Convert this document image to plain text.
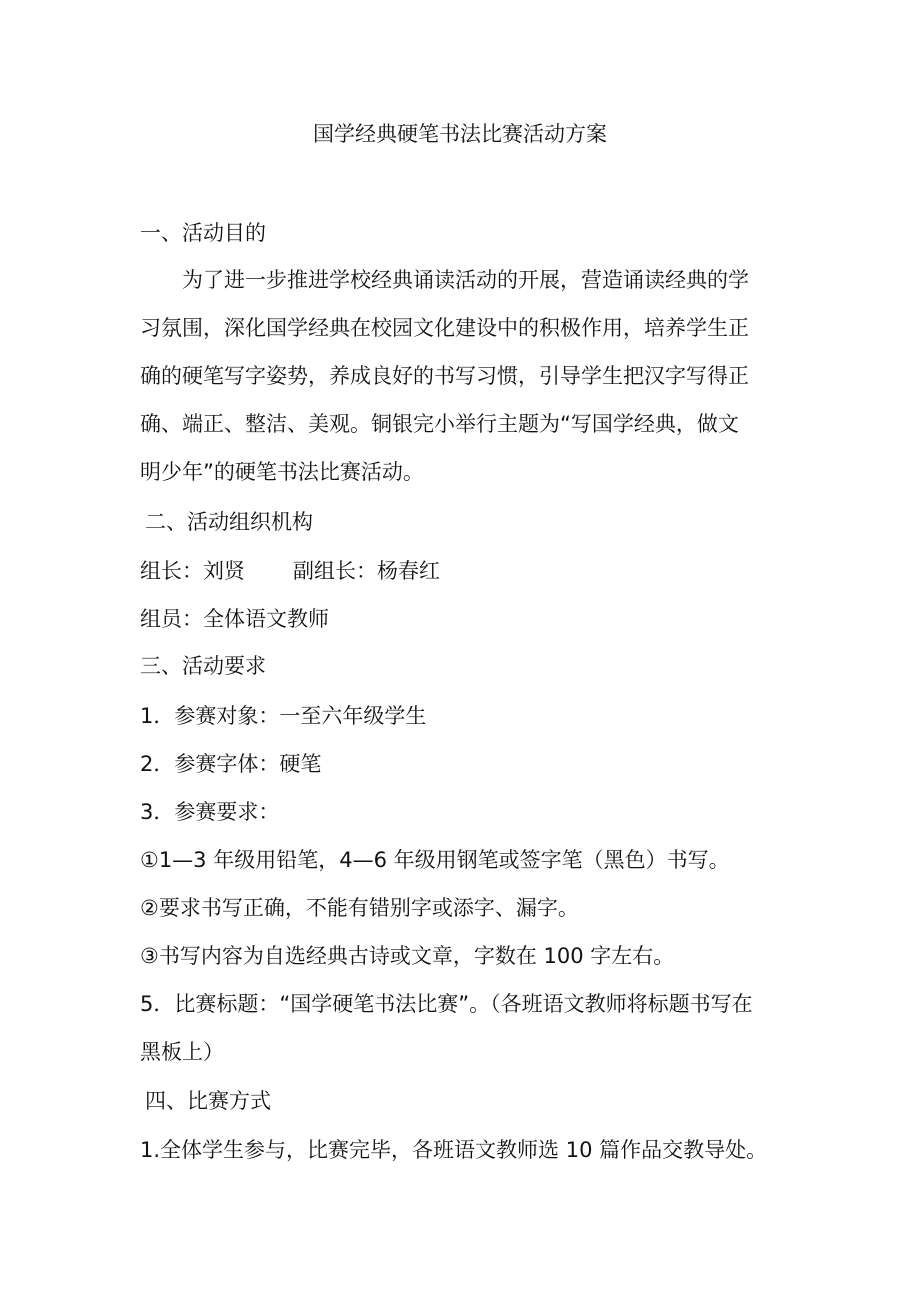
国学经典硬笔书法比赛活动方案
一、活动目的
为了进一步推进学校经典诵读活动的开展，营造诵读经典的学
习氛围，深化国学经典在校园文化建设中的积极作用，培养学生正
确的硬笔写字姿势，养成良好的书写习惯，引导学生把汉字写得正
确、端正、整洁、美观。铜银完小举行主题为“写国学经典，做文
明少年”的硬笔书法比赛活动。
二、活动组织机构
组长：刘贤 副组长：杨春红
组员：全体语文教师
三、活动要求
1．参赛对象：一至六年级学生
2．参赛字体：硬笔
3．参赛要求：
①1—3 年级用铅笔，4—6 年级用钢笔或签字笔（黑色）书写。
②要求书写正确，不能有错别字或添字、漏字。
③书写内容为自选经典古诗或文章，字数在 100 字左右。
5．比赛标题：“国学硬笔书法比赛”。（各班语文教师将标题书写在
黑板上）
四、比赛方式
1.全体学生参与，比赛完毕，各班语文教师选 10 篇作品交教导处。
